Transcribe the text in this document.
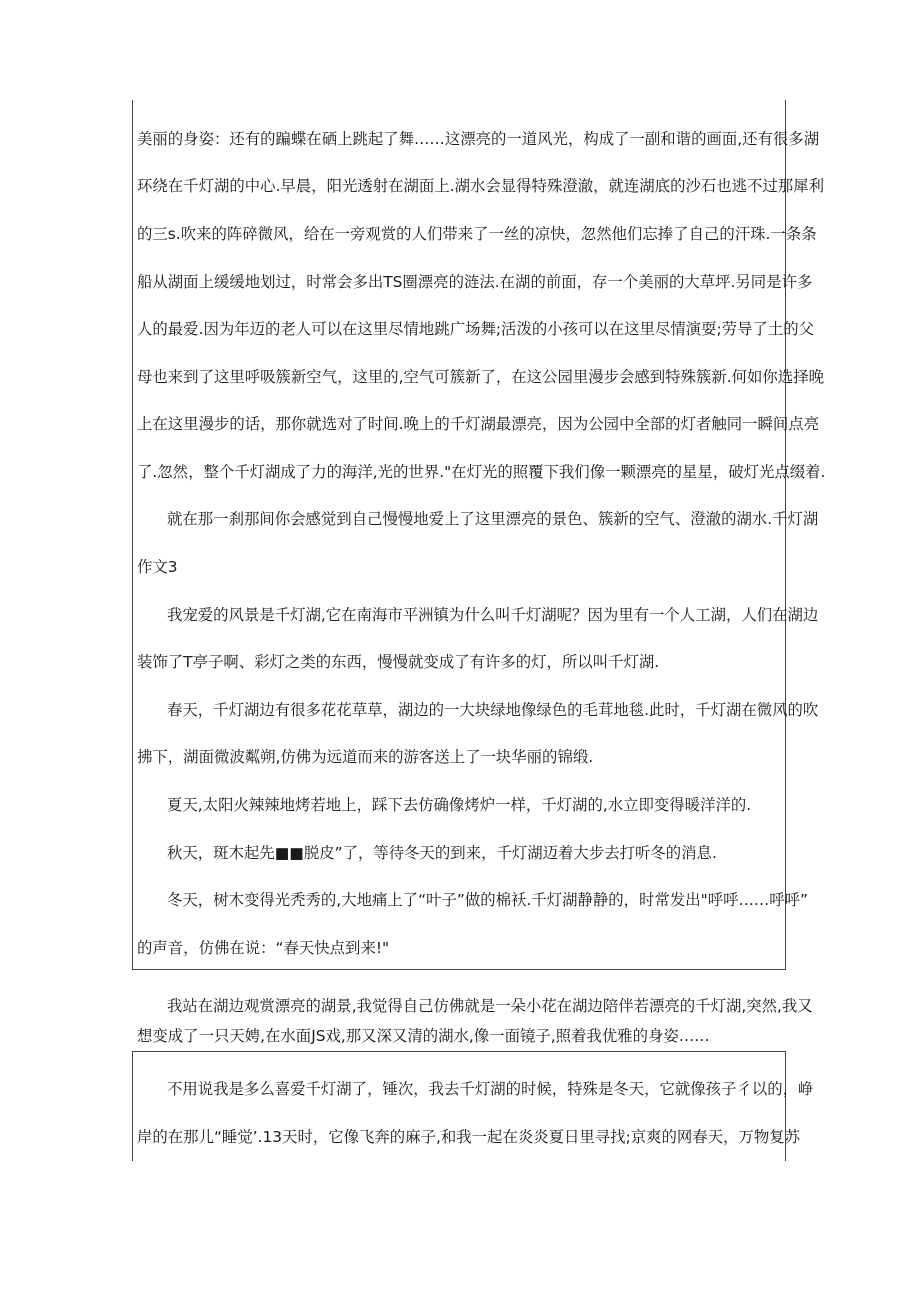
美丽的身姿：还有的蹁蝶在硒上跳起了舞……这漂亮的一道风光，构成了一副和谐的画面,还有很多湖

环绕在千灯湖的中心.早晨，阳光透射在湖面上.湖水会显得特殊澄澈，就连湖底的沙石也逃不过那犀利

的三s.吹来的阵碎微风，给在一旁观赏的人们带来了一丝的凉快，忽然他们忘捧了自己的汗珠.一条条

船从湖面上缓缓地划过，时常会多出TS圈漂亮的涟法.在湖的前面，存一个美丽的大草坪.另同是许多

人的最爱.因为年迈的老人可以在这里尽情地跳广场舞;活泼的小孩可以在这里尽情演耍;劳导了土的父

母也来到了这里呼吸簇新空气，这里的,空气可簇新了，在这公园里漫步会感到特殊簇新.何如你选择晚

上在这里漫步的话，那你就选对了时间.晚上的千灯湖最漂亮，因为公园中全部的灯者触同一瞬间点亮

了.忽然，整个千灯湖成了力的海洋,光的世界."在灯光的照覆下我们像一颗漂亮的星星，破灯光点缀着.

就在那一刹那间你会感觉到自己慢慢地爱上了这里漂亮的景色、簇新的空气、澄澈的湖水.千灯湖

作文3

我宠爱的风景是千灯湖,它在南海市平洲镇为什么叫千灯湖呢？因为里有一个人工湖，人们在湖边

装饰了T亭子啊、彩灯之类的东西，慢慢就变成了有许多的灯，所以叫千灯湖.

春天，千灯湖边有很多花花草草，湖边的一大块绿地像绿色的毛茸地毯.此时，千灯湖在微风的吹

拂下，湖面微波粼朔,仿佛为远道而来的游客送上了一块华丽的锦缎.

夏天,太阳火辣辣地烤若地上，踩下去仿确像烤炉一样，千灯湖的,水立即变得暖洋洋的.

秋天，斑木起先■■脱皮”了，等待冬天的到来，千灯湖迈着大步去打听冬的消息.

冬天，树木变得光秃秀的,大地痛上了“叶子”做的棉袄.千灯湖静静的，时常发出"呼呼……呼呼”

的声音，仿佛在说：“春天快点到来!"

我站在湖边观赏漂亮的湖景,我觉得自己仿佛就是一朵小花在湖边陪伴若漂亮的千灯湖,突然,我又

想变成了一只天娉,在水面JS戏,那又深又清的湖水,像一面镜子,照着我优雅的身姿……

不用说我是多么喜爱千灯湖了，锤次，我去千灯湖的时候，特殊是冬天，它就像孩子彳以的，峥

岸的在那儿“睡觉’.13天时，它像飞奔的麻子,和我一起在炎炎夏日里寻找;京爽的网春天，万物复苏
